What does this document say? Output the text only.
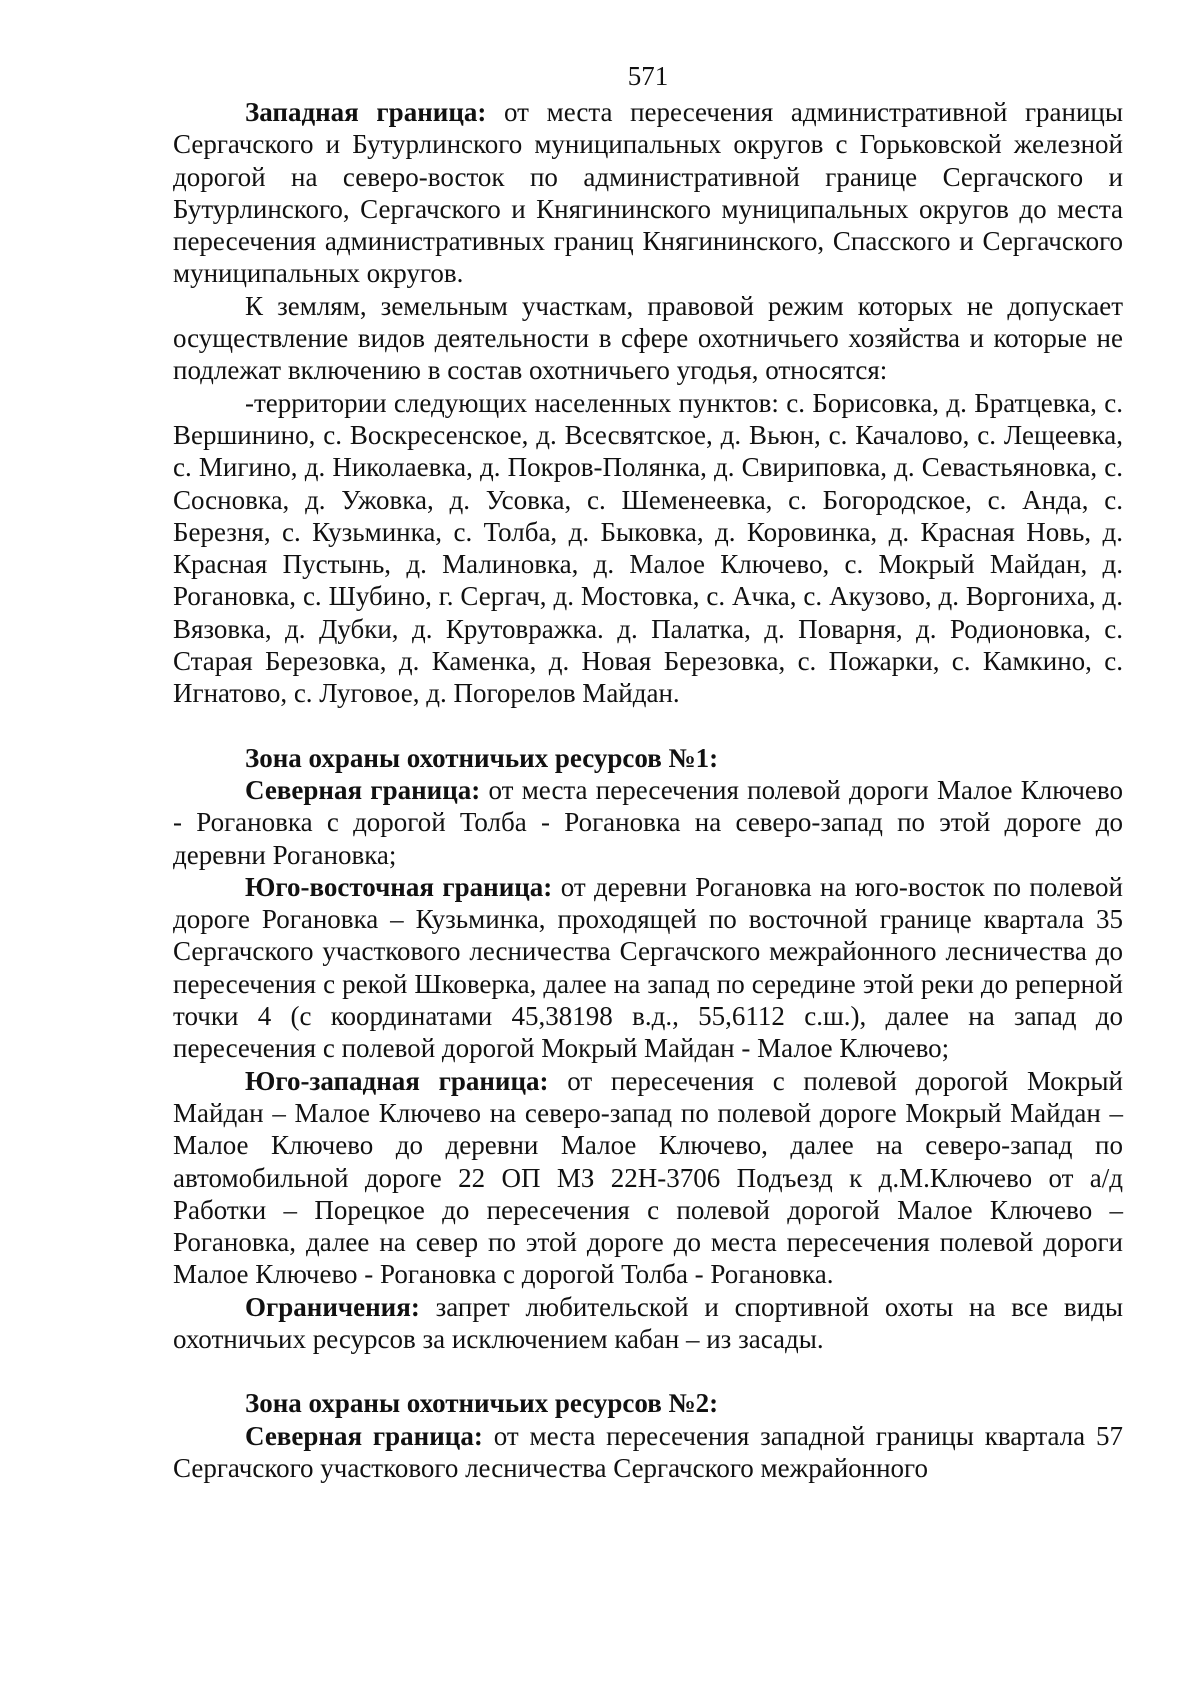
571

Западная граница: от места пересечения административной границы Сергачского и Бутурлинского муниципальных округов с Горьковской железной дорогой на северо-восток по административной границе Сергачского и Бутурлинского, Сергачского и Княгининского муниципальных округов до места пересечения административных границ Княгининского, Спасского и Сергачского муниципальных округов.

К землям, земельным участкам, правовой режим которых не допускает осуществление видов деятельности в сфере охотничьего хозяйства и которые не подлежат включению в состав охотничьего угодья, относятся:

-территории следующих населенных пунктов: с. Борисовка, д. Братцевка, с. Вершинино, с. Воскресенское, д. Всесвятское, д. Вьюн, с. Качалово, с. Лещеевка, с. Мигино, д. Николаевка, д. Покров-Полянка, д. Свириповка, д. Севастьяновка, с. Сосновка, д. Ужовка, д. Усовка, с. Шеменеевка, с. Богородское, с. Анда, с. Березня, с. Кузьминка, с. Толба, д. Быковка, д. Коровинка, д. Красная Новь, д. Красная Пустынь, д. Малиновка, д. Малое Ключево, с. Мокрый Майдан, д. Рогановка, с. Шубино, г. Сергач, д. Мостовка, с. Ачка, с. Акузово, д. Воргониха, д. Вязовка, д. Дубки, д. Крутовражка. д. Палатка, д. Поварня, д. Родионовка, с. Старая Березовка, д. Каменка, д. Новая Березовка, с. Пожарки, с. Камкино, с. Игнатово, с. Луговое, д. Погорелов Майдан.

Зона охраны охотничьих ресурсов №1:

Северная граница: от места пересечения полевой дороги Малое Ключево - Рогановка с дорогой Толба - Рогановка на северо-запад по этой дороге до деревни Рогановка;

Юго-восточная граница: от деревни Рогановка на юго-восток по полевой дороге Рогановка – Кузьминка, проходящей по восточной границе квартала 35 Сергачского участкового лесничества Сергачского межрайонного лесничества до пересечения с рекой Шковерка, далее на запад по середине этой реки до реперной точки 4 (с координатами 45,38198 в.д., 55,6112 с.ш.), далее на запад до пересечения с полевой дорогой Мокрый Майдан - Малое Ключево;

Юго-западная граница: от пересечения с полевой дорогой Мокрый Майдан – Малое Ключево на северо-запад по полевой дороге Мокрый Майдан – Малое Ключево до деревни Малое Ключево, далее на северо-запад по автомобильной дороге 22 ОП МЗ 22Н-3706 Подъезд к д.М.Ключево от а/д Работки – Порецкое до пересечения с полевой дорогой Малое Ключево – Рогановка, далее на север по этой дороге до места пересечения полевой дороги Малое Ключево - Рогановка с дорогой Толба - Рогановка.

Ограничения: запрет любительской и спортивной охоты на все виды охотничьих ресурсов за исключением кабан – из засады.

Зона охраны охотничьих ресурсов №2:

Северная граница: от места пересечения западной границы квартала 57 Сергачского участкового лесничества Сергачского межрайонного
